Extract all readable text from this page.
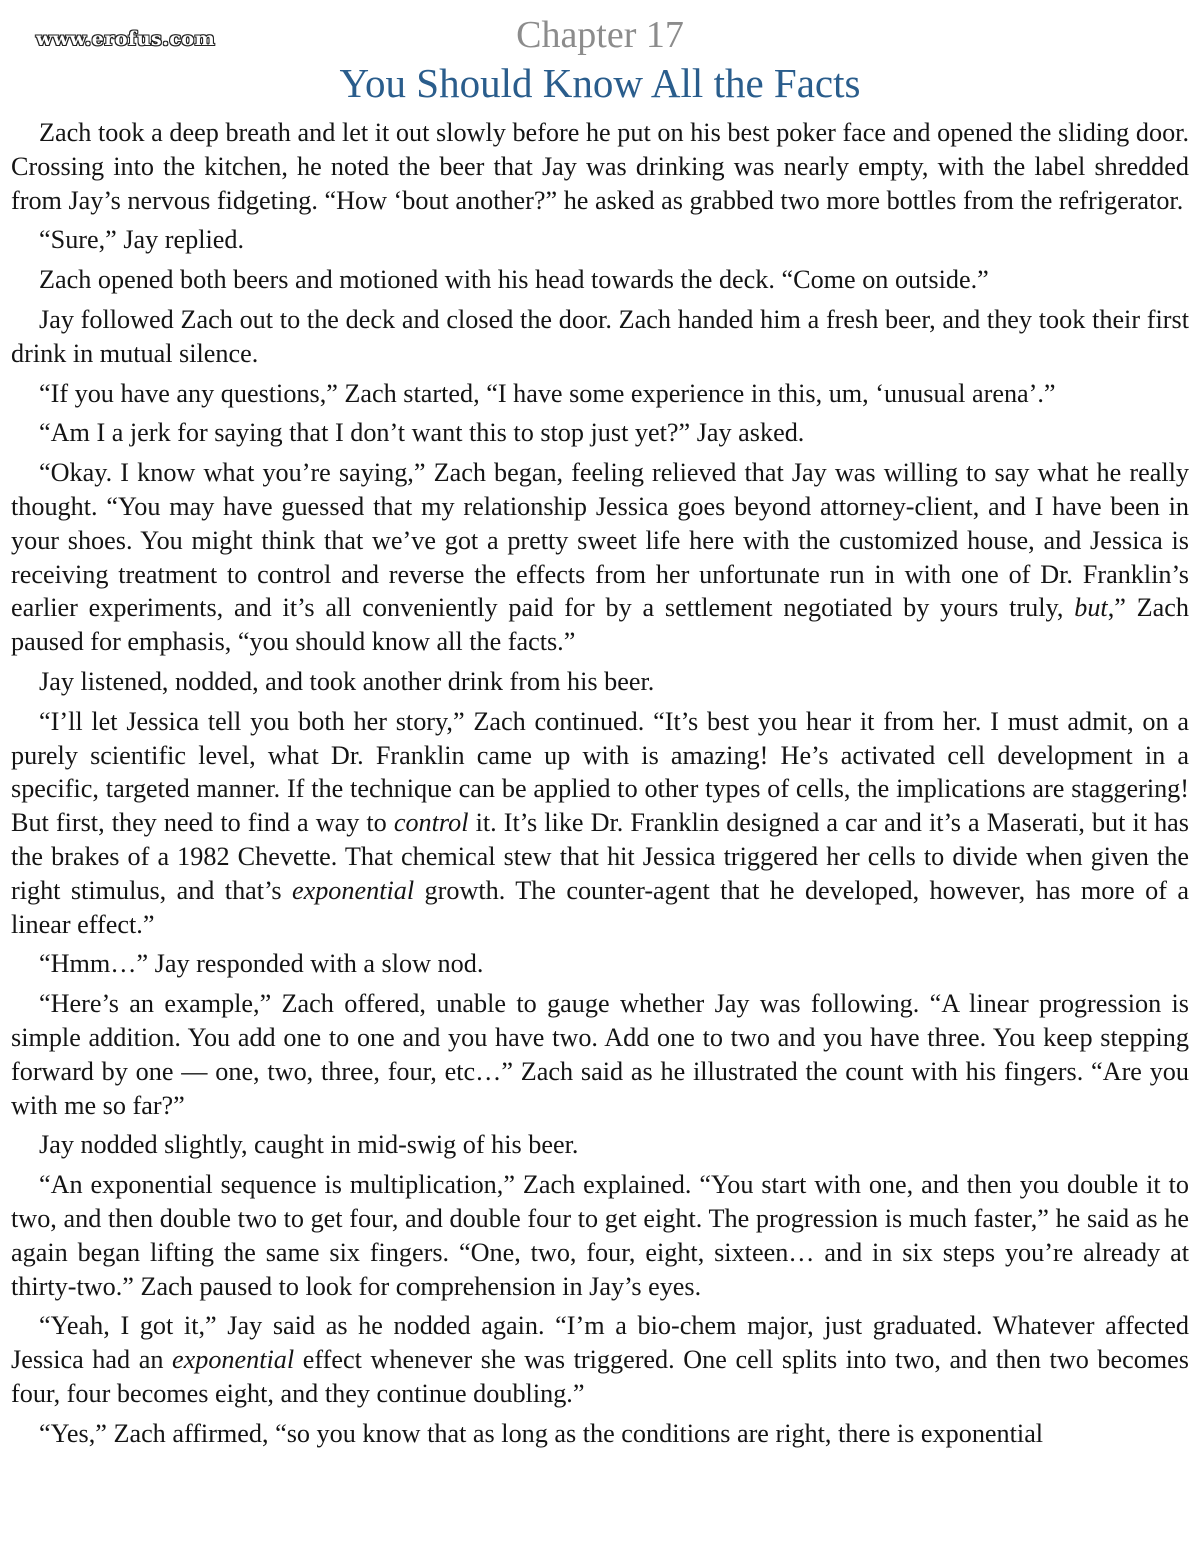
www.erofus.com	Chapter 17
You Should Know All the Facts

Zach took a deep breath and let it out slowly before he put on his best poker face and opened the sliding door. Crossing into the kitchen, he noted the beer that Jay was drinking was nearly empty, with the label shredded from Jay’s nervous fidgeting. “How ‘bout another?” he asked as grabbed two more bottles from the refrigerator.

“Sure,” Jay replied.

Zach opened both beers and motioned with his head towards the deck. “Come on outside.”

Jay followed Zach out to the deck and closed the door. Zach handed him a fresh beer, and they took their first drink in mutual silence.

“If you have any questions,” Zach started, “I have some experience in this, um, ‘unusual arena’.”

“Am I a jerk for saying that I don’t want this to stop just yet?” Jay asked.

“Okay. I know what you’re saying,” Zach began, feeling relieved that Jay was willing to say what he really thought. “You may have guessed that my relationship Jessica goes beyond attorney-client, and I have been in your shoes. You might think that we’ve got a pretty sweet life here with the customized house, and Jessica is receiving treatment to control and reverse the effects from her unfortunate run in with one of Dr. Franklin’s earlier experiments, and it’s all conveniently paid for by a settlement negotiated by yours truly, but,” Zach paused for emphasis, “you should know all the facts.”

Jay listened, nodded, and took another drink from his beer.

“I’ll let Jessica tell you both her story,” Zach continued. “It’s best you hear it from her. I must admit, on a purely scientific level, what Dr. Franklin came up with is amazing! He’s activated cell development in a specific, targeted manner. If the technique can be applied to other types of cells, the implications are staggering! But first, they need to find a way to control it. It’s like Dr. Franklin designed a car and it’s a Maserati, but it has the brakes of a 1982 Chevette. That chemical stew that hit Jessica triggered her cells to divide when given the right stimulus, and that’s exponential growth. The counter-agent that he developed, however, has more of a linear effect.”

“Hmm…” Jay responded with a slow nod.

“Here’s an example,” Zach offered, unable to gauge whether Jay was following. “A linear progression is simple addition. You add one to one and you have two. Add one to two and you have three. You keep stepping forward by one — one, two, three, four, etc…” Zach said as he illustrated the count with his fingers. “Are you with me so far?”

Jay nodded slightly, caught in mid-swig of his beer.

“An exponential sequence is multiplication,” Zach explained. “You start with one, and then you double it to two, and then double two to get four, and double four to get eight. The progression is much faster,” he said as he again began lifting the same six fingers. “One, two, four, eight, sixteen… and in six steps you’re already at thirty-two.” Zach paused to look for comprehension in Jay’s eyes.

“Yeah, I got it,” Jay said as he nodded again. “I’m a bio-chem major, just graduated. Whatever affected Jessica had an exponential effect whenever she was triggered. One cell splits into two, and then two becomes four, four becomes eight, and they continue doubling.”

“Yes,” Zach affirmed, “so you know that as long as the conditions are right, there is exponential
